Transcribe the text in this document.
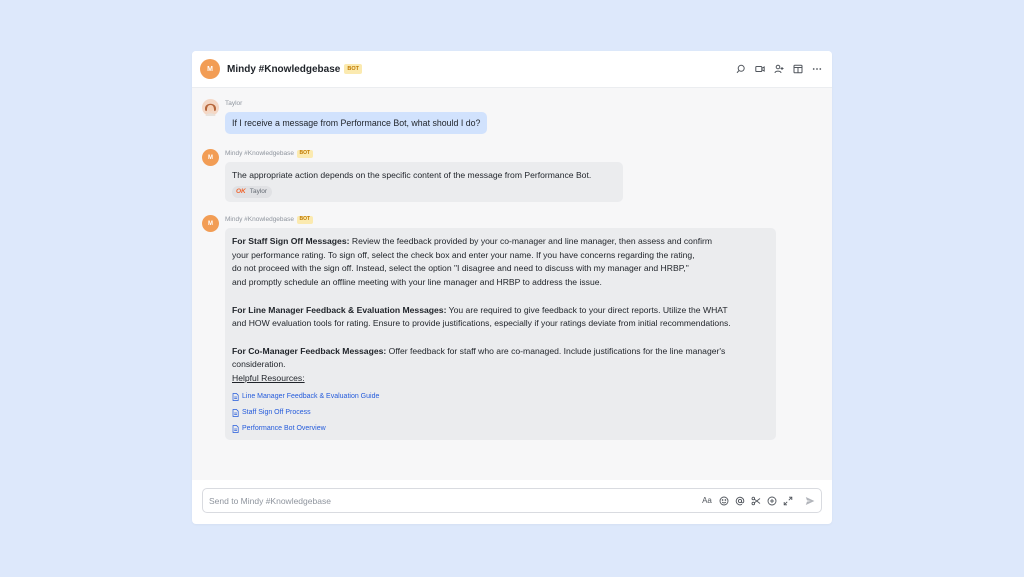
M	Mindy #Knowledgebase	BOT
Taylor
If I receive a message from Performance Bot, what should I do?
M
Mindy #Knowledgebase	BOT
The appropriate action depends on the specific content of the message from Performance Bot.
OK Taylor
M
Mindy #Knowledgebase	BOT
For Staff Sign Off Messages: Review the feedback provided by your co-manager and line manager, then assess and confirm
your performance rating. To sign off, select the check box and enter your name. If you have concerns regarding the rating,
do not proceed with the sign off. Instead, select the option "I disagree and need to discuss with my manager and HRBP,"
and promptly schedule an offline meeting with your line manager and HRBP to address the issue.
For Line Manager Feedback & Evaluation Messages: You are required to give feedback to your direct reports. Utilize the WHAT
and HOW evaluation tools for rating. Ensure to provide justifications, especially if your ratings deviate from initial recommendations.
For Co-Manager Feedback Messages: Offer feedback for staff who are co-managed. Include justifications for the line manager's
consideration.
Helpful Resources:
Line Manager Feedback & Evaluation Guide
Staff Sign Off Process
Performance Bot Overview
Send to Mindy #Knowledgebase
Aa
